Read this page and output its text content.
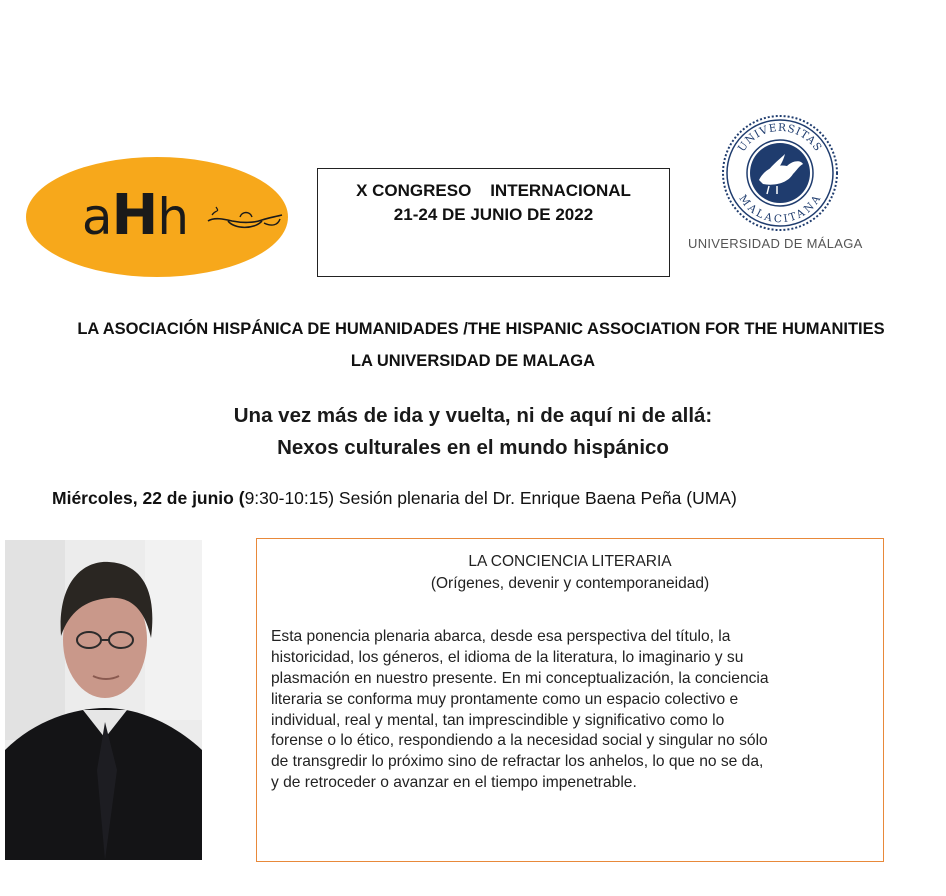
aHh	X CONGRESO    INTERNACIONAL
21-24 DE JUNIO DE 2022
UNIVERSITAS
MALACITANA
UNIVERSIDAD DE MÁLAGA
LA ASOCIACIÓN HISPÁNICA DE HUMANIDADES /THE HISPANIC ASSOCIATION FOR THE HUMANITIES
LA UNIVERSIDAD DE MALAGA
Una vez más de ida y vuelta, ni de aquí ni de allá:
Nexos culturales en el mundo hispánico
Miércoles, 22 de junio (9:30-10:15) Sesión plenaria del Dr. Enrique Baena Peña (UMA)
LA CONCIENCIA LITERARIA
(Orígenes, devenir y contemporaneidad)
Esta ponencia plenaria abarca, desde esa perspectiva del título, la
historicidad, los géneros, el idioma de la literatura, lo imaginario y su
plasmación en nuestro presente. En mi conceptualización, la conciencia
literaria se conforma muy prontamente como un espacio colectivo e
individual, real y mental, tan imprescindible y significativo como lo
forense o lo ético, respondiendo a la necesidad social y singular no sólo
de transgredir lo próximo sino de refractar los anhelos, lo que no se da,
y de retroceder o avanzar en el tiempo impenetrable.
